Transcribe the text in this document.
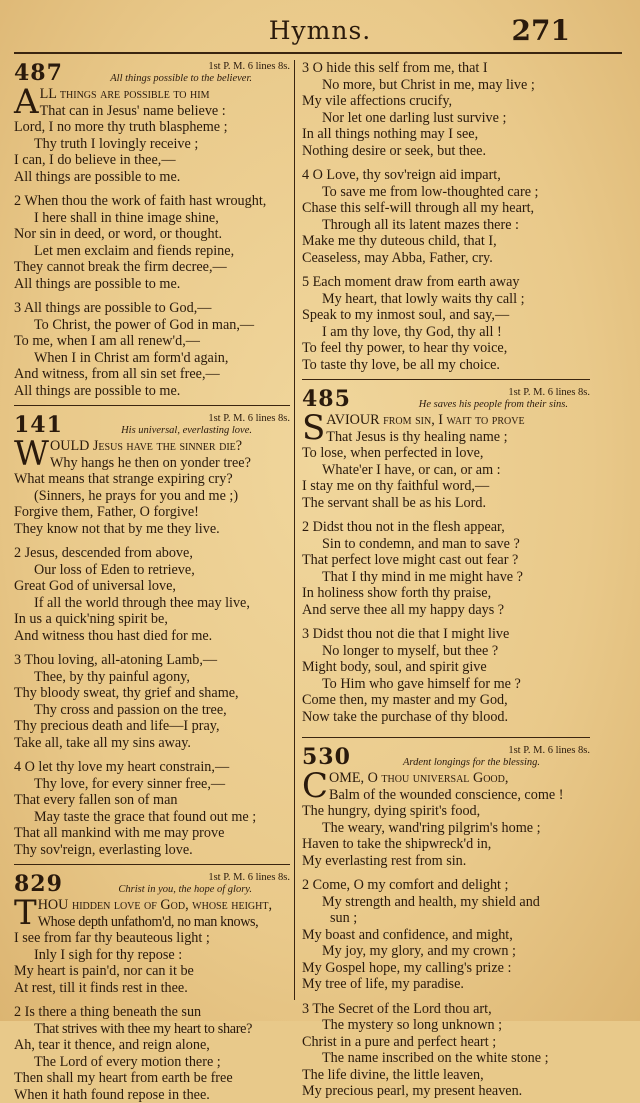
Hymns.	271
487	1st P. M. 6 lines 8s.
All things possible to the believer.
A LL things are possible to him
That can in Jesus' name believe :
Lord, I no more thy truth blaspheme ;
Thy truth I lovingly receive ;
I can, I do believe in thee,—
All things are possible to me.
2 When thou the work of faith hast wrought,
I here shall in thine image shine,
Nor sin in deed, or word, or thought.
Let men exclaim and fiends repine,
They cannot break the firm decree,—
All things are possible to me.
3 All things are possible to God,—
To Christ, the power of God in man,—
To me, when I am all renew'd,—
When I in Christ am form'd again,
And witness, from all sin set free,—
All things are possible to me.
141	1st P. M. 6 lines 8s.
His universal, everlasting love.
W OULD Jesus have the sinner die?
Why hangs he then on yonder tree?
What means that strange expiring cry?
(Sinners, he prays for you and me ;)
Forgive them, Father, O forgive!
They know not that by me they live.
2 Jesus, descended from above,
Our loss of Eden to retrieve,
Great God of universal love,
If all the world through thee may live,
In us a quick'ning spirit be,
And witness thou hast died for me.
3 Thou loving, all-atoning Lamb,—
Thee, by thy painful agony,
Thy bloody sweat, thy grief and shame,
Thy cross and passion on the tree,
Thy precious death and life—I pray,
Take all, take all my sins away.
4 O let thy love my heart constrain,—
Thy love, for every sinner free,—
That every fallen son of man
May taste the grace that found out me ;
That all mankind with me may prove
Thy sov'reign, everlasting love.
829	1st P. M. 6 lines 8s.
Christ in you, the hope of glory.
T HOU hidden love of God, whose height,
Whose depth unfathom'd, no man knows,
I see from far thy beauteous light ;
Inly I sigh for thy repose :
My heart is pain'd, nor can it be
At rest, till it finds rest in thee.
2 Is there a thing beneath the sun
That strives with thee my heart to share?
Ah, tear it thence, and reign alone,
The Lord of every motion there ;
Then shall my heart from earth be free
When it hath found repose in thee.
3 O hide this self from me, that I
No more, but Christ in me, may live ;
My vile affections crucify,
Nor let one darling lust survive ;
In all things nothing may I see,
Nothing desire or seek, but thee.
4 O Love, thy sov'reign aid impart,
To save me from low-thoughted care ;
Chase this self-will through all my heart,
Through all its latent mazes there :
Make me thy duteous child, that I,
Ceaseless, may Abba, Father, cry.
5 Each moment draw from earth away
My heart, that lowly waits thy call ;
Speak to my inmost soul, and say,—
I am thy love, thy God, thy all !
To feel thy power, to hear thy voice,
To taste thy love, be all my choice.
485	1st P. M. 6 lines 8s.
He saves his people from their sins.
S AVIOUR from sin, I wait to prove
That Jesus is thy healing name ;
To lose, when perfected in love,
Whate'er I have, or can, or am :
I stay me on thy faithful word,—
The servant shall be as his Lord.
2 Didst thou not in the flesh appear,
Sin to condemn, and man to save ?
That perfect love might cast out fear ?
That I thy mind in me might have ?
In holiness show forth thy praise,
And serve thee all my happy days ?
3 Didst thou not die that I might live
No longer to myself, but thee ?
Might body, soul, and spirit give
To Him who gave himself for me ?
Come then, my master and my God,
Now take the purchase of thy blood.
530	1st P. M. 6 lines 8s.
Ardent longings for the blessing.
C OME, O thou universal Good,
Balm of the wounded conscience, come !
The hungry, dying spirit's food,
The weary, wand'ring pilgrim's home ;
Haven to take the shipwreck'd in,
My everlasting rest from sin.
2 Come, O my comfort and delight ;
My strength and health, my shield and
sun ;
My boast and confidence, and might,
My joy, my glory, and my crown ;
My Gospel hope, my calling's prize :
My tree of life, my paradise.
3 The Secret of the Lord thou art,
The mystery so long unknown ;
Christ in a pure and perfect heart ;
The name inscribed on the white stone ;
The life divine, the little leaven,
My precious pearl, my present heaven.
